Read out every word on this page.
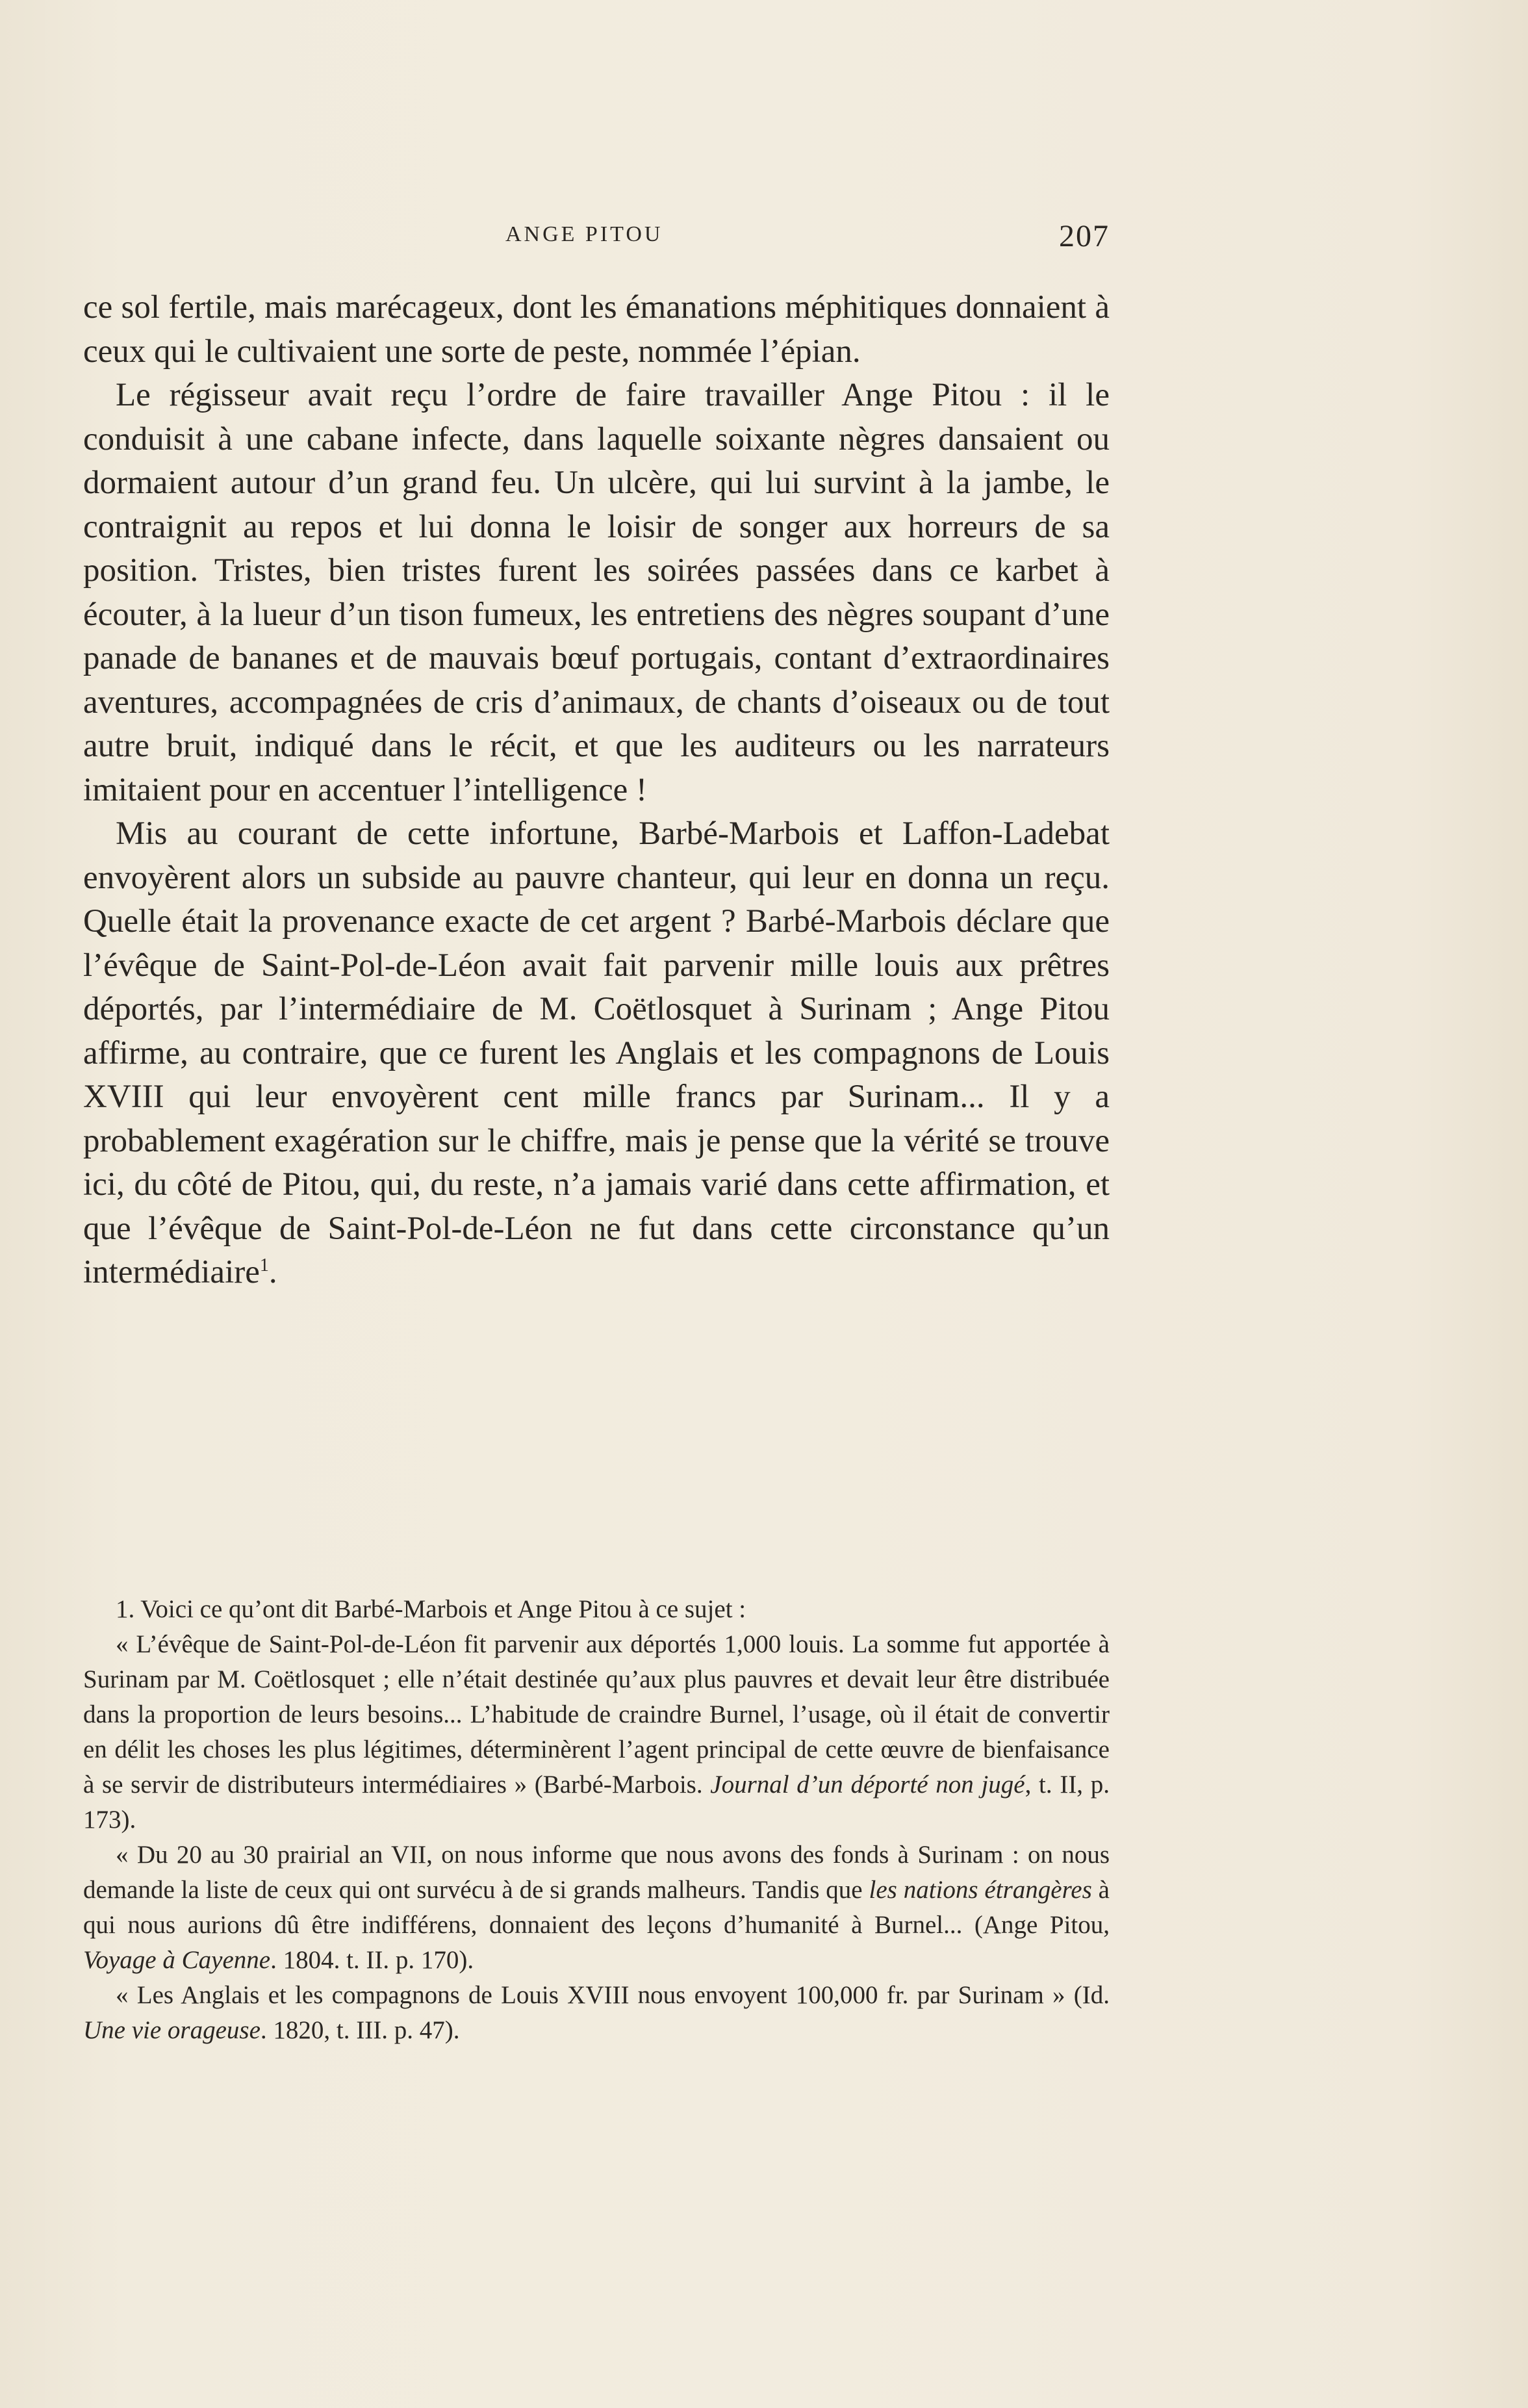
ANGE PITOU	207

ce sol fertile, mais marécageux, dont les émanations méphitiques donnaient à ceux qui le cultivaient une sorte de peste, nommée l’épian.

Le régisseur avait reçu l’ordre de faire travailler Ange Pitou : il le conduisit à une cabane infecte, dans laquelle soixante nègres dansaient ou dormaient autour d’un grand feu. Un ulcère, qui lui survint à la jambe, le contraignit au repos et lui donna le loisir de songer aux horreurs de sa position. Tristes, bien tristes furent les soirées passées dans ce karbet à écouter, à la lueur d’un tison fumeux, les entretiens des nègres soupant d’une panade de bananes et de mauvais bœuf portugais, contant d’extraordinaires aventures, accompagnées de cris d’animaux, de chants d’oiseaux ou de tout autre bruit, indiqué dans le récit, et que les auditeurs ou les narrateurs imitaient pour en accentuer l’intelligence !

Mis au courant de cette infortune, Barbé-Marbois et Laffon-Ladebat envoyèrent alors un subside au pauvre chanteur, qui leur en donna un reçu. Quelle était la provenance exacte de cet argent ? Barbé-Marbois déclare que l’évêque de Saint-Pol-de-Léon avait fait parvenir mille louis aux prêtres déportés, par l’intermédiaire de M. Coëtlosquet à Surinam ; Ange Pitou affirme, au contraire, que ce furent les Anglais et les compagnons de Louis XVIII qui leur envoyèrent cent mille francs par Surinam... Il y a probablement exagération sur le chiffre, mais je pense que la vérité se trouve ici, du côté de Pitou, qui, du reste, n’a jamais varié dans cette affirmation, et que l’évêque de Saint-Pol-de-Léon ne fut dans cette circonstance qu’un intermédiaire$^1$.

1. Voici ce qu’ont dit Barbé-Marbois et Ange Pitou à ce sujet :

« L’évêque de Saint-Pol-de-Léon fit parvenir aux déportés 1,000 louis. La somme fut apportée à Surinam par M. Coëtlosquet ; elle n’était destinée qu’aux plus pauvres et devait leur être distribuée dans la proportion de leurs besoins... L’habitude de craindre Burnel, l’usage, où il était de convertir en délit les choses les plus légitimes, déterminèrent l’agent principal de cette œuvre de bienfaisance à se servir de distributeurs intermédiaires » (Barbé-Marbois. Journal d’un déporté non jugé, t. II, p. 173).

« Du 20 au 30 prairial an VII, on nous informe que nous avons des fonds à Surinam : on nous demande la liste de ceux qui ont survécu à de si grands malheurs. Tandis que les nations étrangères à qui nous aurions dû être indifférens, donnaient des leçons d’humanité à Burnel... (Ange Pitou, Voyage à Cayenne. 1804. t. II. p. 170).

« Les Anglais et les compagnons de Louis XVIII nous envoyent 100,000 fr. par Surinam » (Id. Une vie orageuse. 1820, t. III. p. 47).
